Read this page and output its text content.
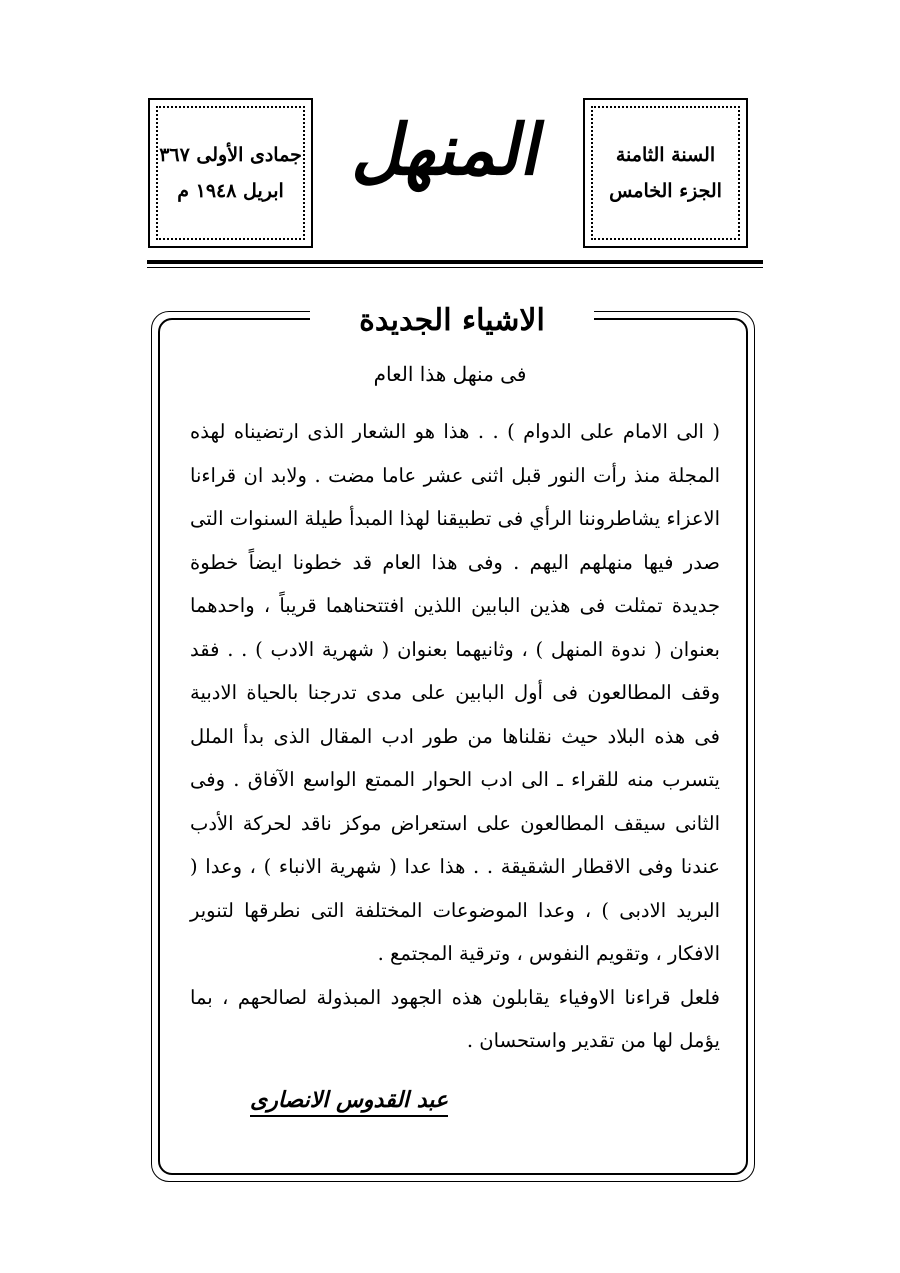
جمادى الأولى ٣٦٧
ابريل ١٩٤٨ م المنهل	السنة الثامنة
الجزء الخامس
الاشياء الجديدة
فى منهل هذا العام

( الى الامام على الدوام ) . . هذا هو الشعار الذى ارتضيناه لهذه المجلة منذ رأت النور قبل اثنى عشر عاما مضت . ولابد ان قراءنا الاعزاء يشاطروننا الرأي فى تطبيقنا لهذا المبدأ طيلة السنوات التى صدر فيها منهلهم اليهم . وفى هذا العام قد خطونا ايضاً خطوة جديدة تمثلت فى هذين البابين اللذين افتتحناهما قريباً ، واحدهما بعنوان ( ندوة المنهل ) ، وثانيهما بعنوان ( شهرية الادب ) . . فقد وقف المطالعون فى أول البابين على مدى تدرجنا بالحياة الادبية فى هذه البلاد حيث نقلناها من طور ادب المقال الذى بدأ الملل يتسرب منه للقراء ـ الى ادب الحوار الممتع الواسع الآفاق . وفى الثانى سيقف المطالعون على استعراض موكز ناقد لحركة الأدب عندنا وفى الاقطار الشقيقة . . هذا عدا ( شهرية الانباء ) ، وعدا ( البريد الادبى ) ، وعدا الموضوعات المختلفة التى نطرقها لتنوير الافكار ، وتقويم النفوس ، وترقية المجتمع .

فلعل قراءنا الاوفياء يقابلون هذه الجهود المبذولة لصالحهم ، بما يؤمل لها من تقدير واستحسان .

عبد القدوس الانصارى
